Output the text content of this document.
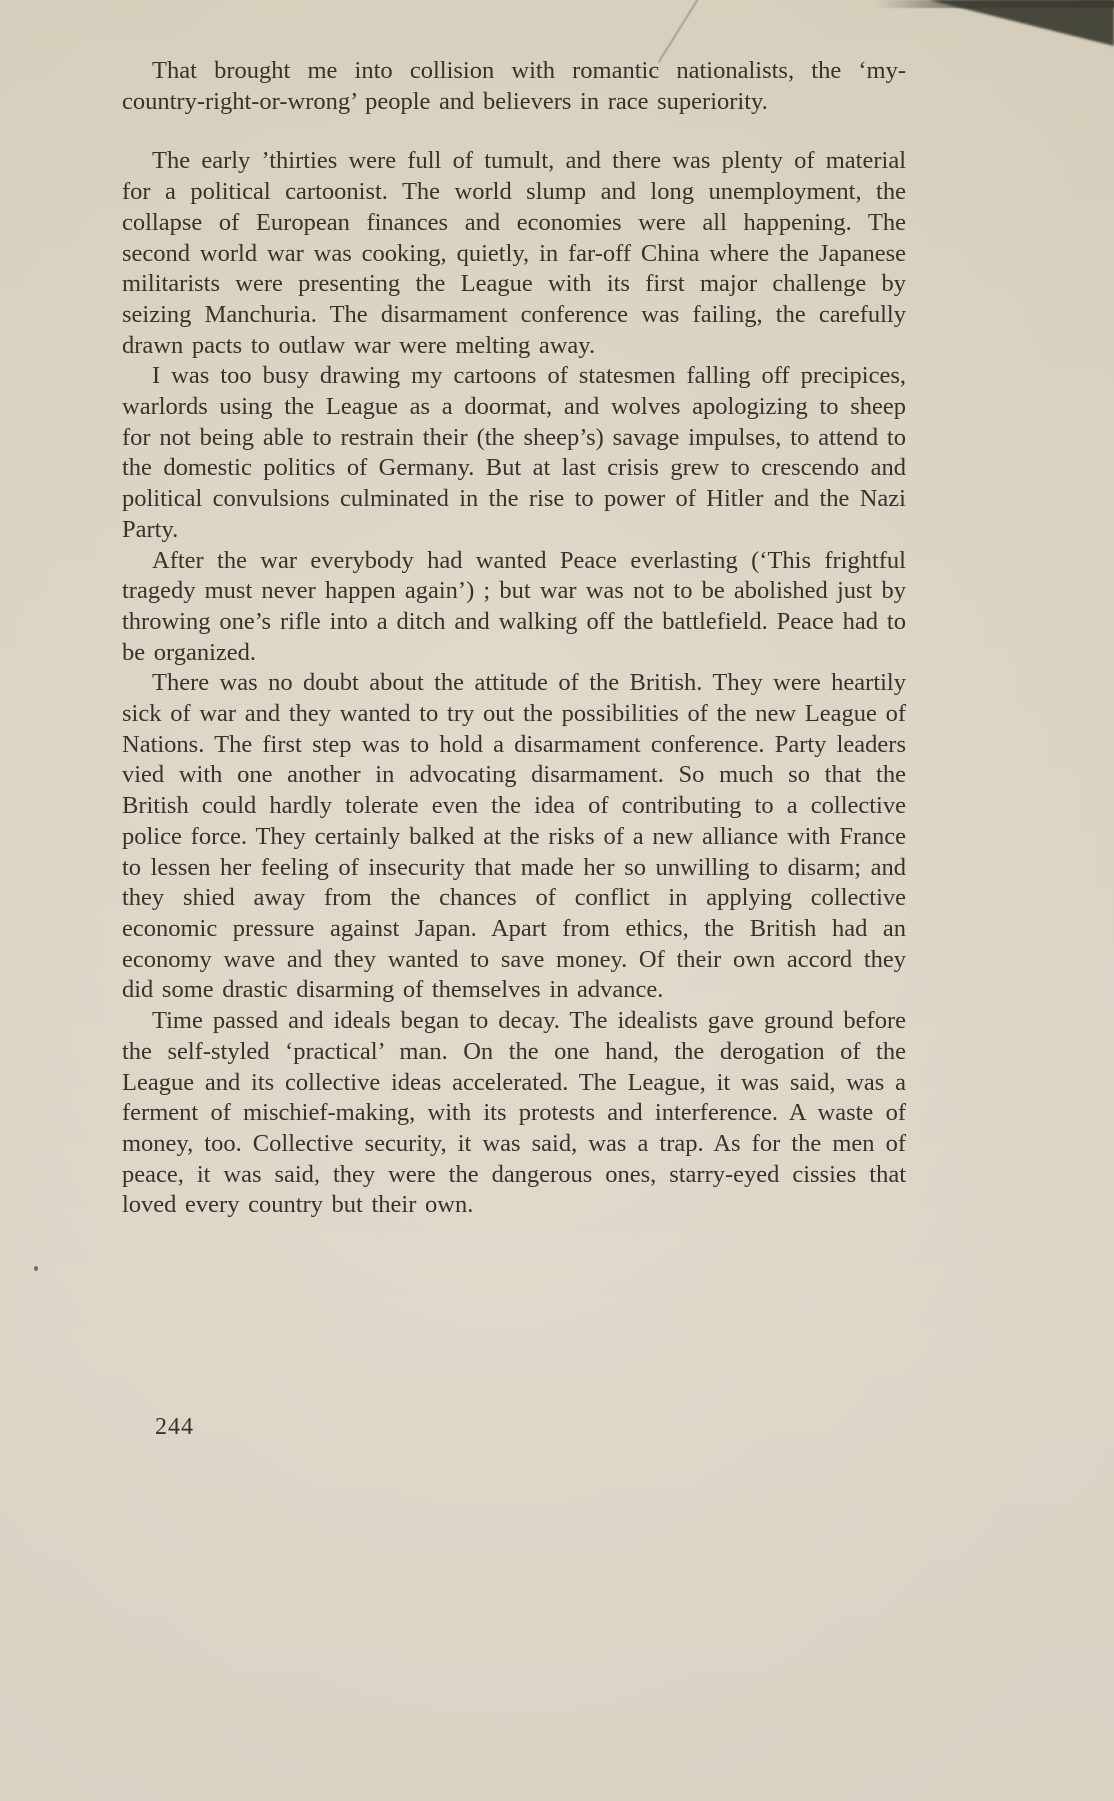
That brought me into collision with romantic nationalists, the ‘my-country-right-or-wrong’ people and believers in race superiority.

The early ’thirties were full of tumult, and there was plenty of material for a political cartoonist. The world slump and long unemployment, the collapse of European finances and economies were all happening. The second world war was cooking, quietly, in far-off China where the Japanese militarists were presenting the League with its first major challenge by seizing Manchuria. The disarmament conference was failing, the carefully drawn pacts to outlaw war were melting away.

I was too busy drawing my cartoons of statesmen falling off precipices, warlords using the League as a doormat, and wolves apologizing to sheep for not being able to restrain their (the sheep’s) savage impulses, to attend to the domestic politics of Germany. But at last crisis grew to crescendo and political convulsions culminated in the rise to power of Hitler and the Nazi Party.

After the war everybody had wanted Peace everlasting (‘This frightful tragedy must never happen again’) ; but war was not to be abolished just by throwing one’s rifle into a ditch and walking off the battlefield. Peace had to be organized.

There was no doubt about the attitude of the British. They were heartily sick of war and they wanted to try out the possibilities of the new League of Nations. The first step was to hold a disarmament conference. Party leaders vied with one another in advocating disarmament. So much so that the British could hardly tolerate even the idea of contributing to a collective police force. They certainly balked at the risks of a new alliance with France to lessen her feeling of insecurity that made her so unwilling to disarm; and they shied away from the chances of conflict in applying collective economic pressure against Japan. Apart from ethics, the British had an economy wave and they wanted to save money. Of their own accord they did some drastic disarming of themselves in advance.

Time passed and ideals began to decay. The idealists gave ground before the self-styled ‘practical’ man. On the one hand, the derogation of the League and its collective ideas accelerated. The League, it was said, was a ferment of mischief-making, with its protests and interference. A waste of money, too. Collective security, it was said, was a trap. As for the men of peace, it was said, they were the dangerous ones, starry-eyed cissies that loved every country but their own.

244
